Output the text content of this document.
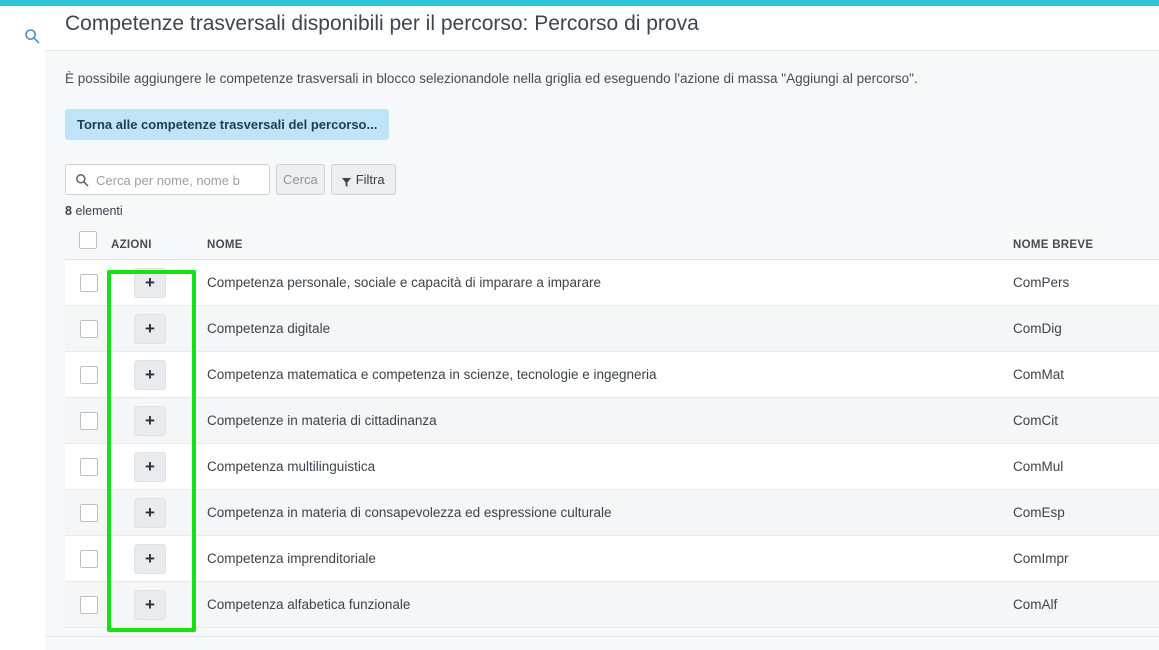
Competenze trasversali disponibili per il percorso: Percorso di prova
È possibile aggiungere le competenze trasversali in blocco selezionandole nella griglia ed eseguendo l'azione di massa "Aggiungi al percorso".
Torna alle competenze trasversali del percorso...
Cerca per nome, nome b
Cerca	Filtra
8 elementi
	AZIONI	NOME	NOME BREVE

+	Competenza personale, sociale e capacità di imparare a imparare	ComPers

+	Competenza digitale	ComDig

+	Competenza matematica e competenza in scienze, tecnologie e ingegneria	ComMat

+	Competenze in materia di cittadinanza	ComCit

+	Competenza multilinguistica	ComMul

+	Competenza in materia di consapevolezza ed espressione culturale	ComEsp

+	Competenza imprenditoriale	ComImpr

+	Competenza alfabetica funzionale	ComAlf
